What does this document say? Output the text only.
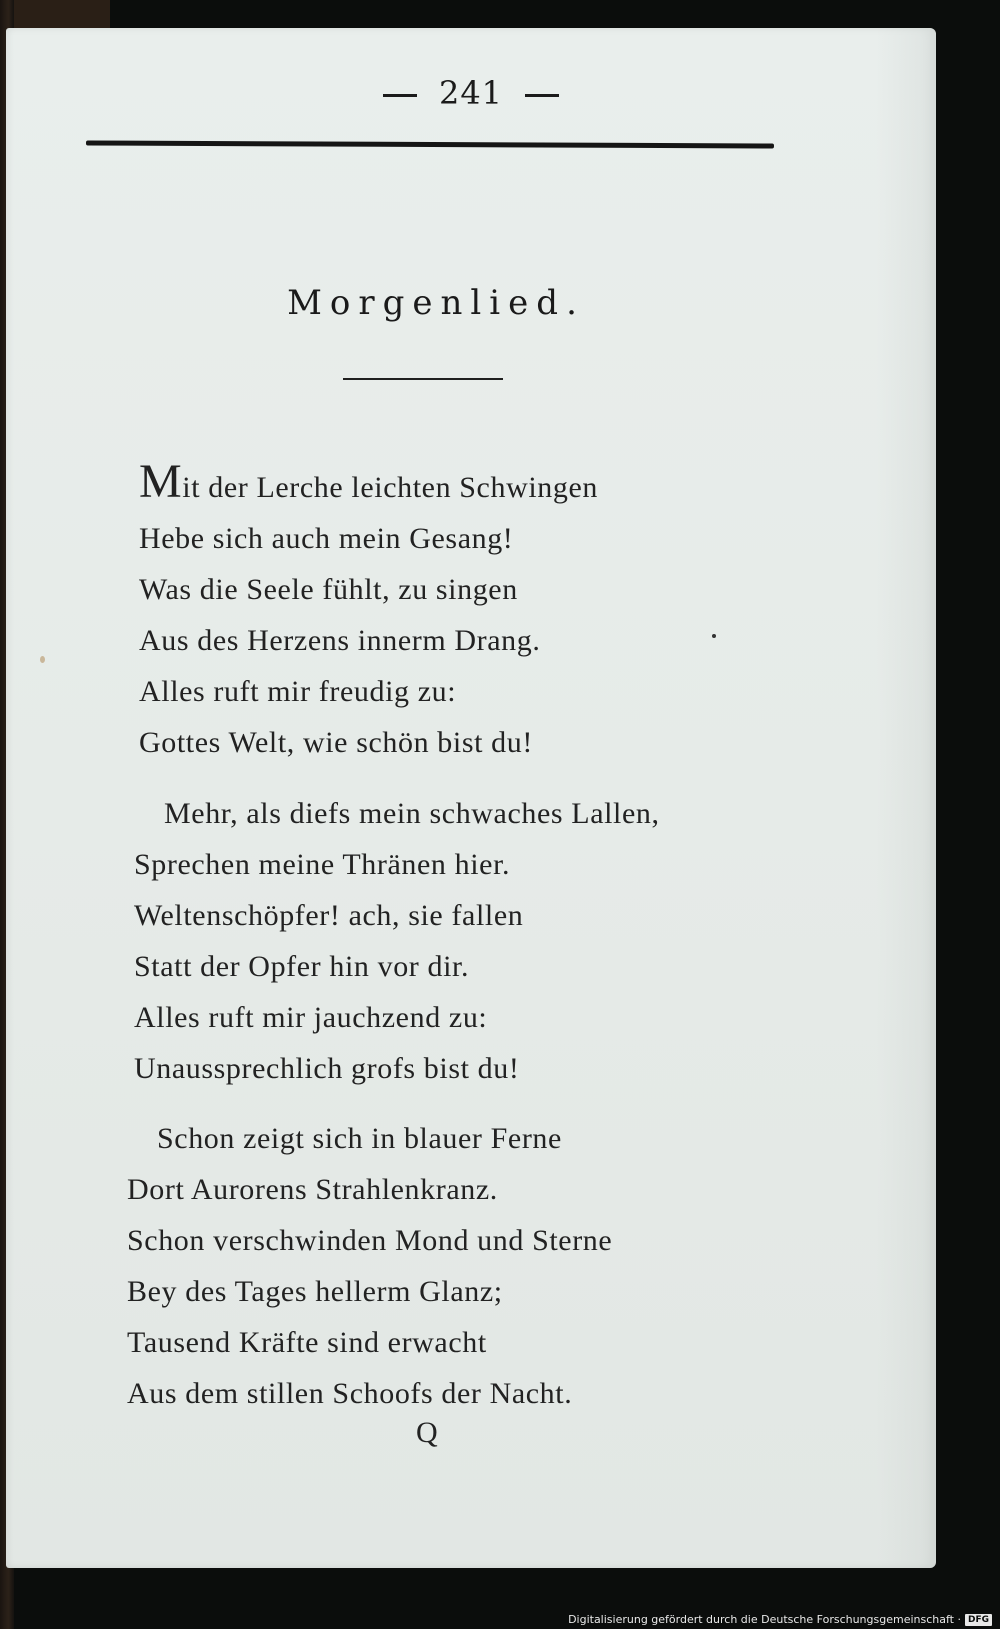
241
Morgenlied.
Mit der Lerche leichten Schwingen
Hebe sich auch mein Gesang!
Was die Seele fühlt, zu singen
Aus des Herzens innerm Drang.
Alles ruft mir freudig zu:
Gottes Welt, wie schön bist du!
Mehr, als diefs mein schwaches Lallen,
Sprechen meine Thränen hier.
Weltenschöpfer! ach, sie fallen
Statt der Opfer hin vor dir.
Alles ruft mir jauchzend zu:
Unaussprechlich grofs bist du!
Schon zeigt sich in blauer Ferne
Dort Aurorens Strahlenkranz.
Schon verschwinden Mond und Sterne
Bey des Tages hellerm Glanz;
Tausend Kräfte sind erwacht
Aus dem stillen Schoofs der Nacht.
Q
Digitalisierung gefördert durch die Deutsche Forschungsgemeinschaft · DFG
